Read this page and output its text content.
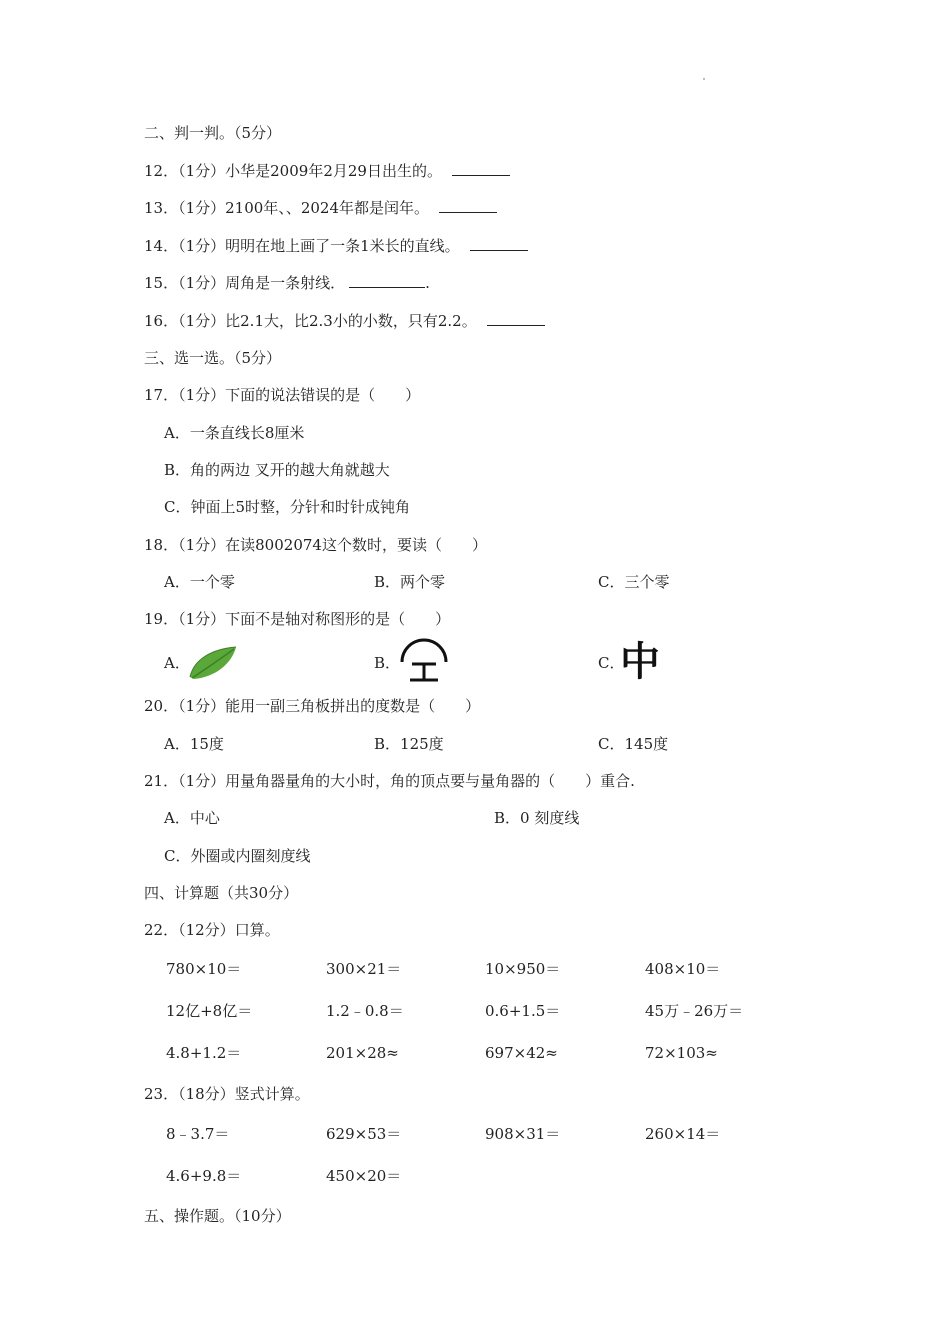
二、判一判。（5分）
12．（1分）小华是2009年2月29日出生的。
13．（1分）2100年、、2024年都是闰年。
14．（1分）明明在地上画了一条1米长的直线。
15．（1分）周角是一条射线．	.
16．（1分）比2.1大，比2.3小的小数，只有2.2。
三、选一选。（5分）
17．（1分）下面的说法错误的是（　　）
A．一条直线长8厘米
B．角的两边 叉开的越大角就越大
C．钟面上5时整，分针和时针成钝角
18．（1分）在读8002074这个数时，要读（　　）
A．一个零	B．两个零	C．三个零
19．（1分）下面不是轴对称图形的是（　　）
A．	B．	C．
中
20．（1分）能用一副三角板拼出的度数是（　　）
A．15度	B．125度	C．145度
21．（1分）用量角器量角的大小时，角的顶点要与量角器的（　　）重合.
A．中心	B．0 刻度线
C．外圈或内圈刻度线
四、计算题（共30分）
22．（12分）口算。
780×10＝	300×21＝	10×950＝	408×10＝
12亿+8亿＝	1.2﹣0.8＝	0.6+1.5＝	45万﹣26万＝
4.8+1.2＝	201×28≈	697×42≈	72×103≈
23．（18分）竖式计算。
8﹣3.7＝	629×53＝	908×31＝	260×14＝
4.6+9.8＝	450×20＝
五、操作题。（10分）
